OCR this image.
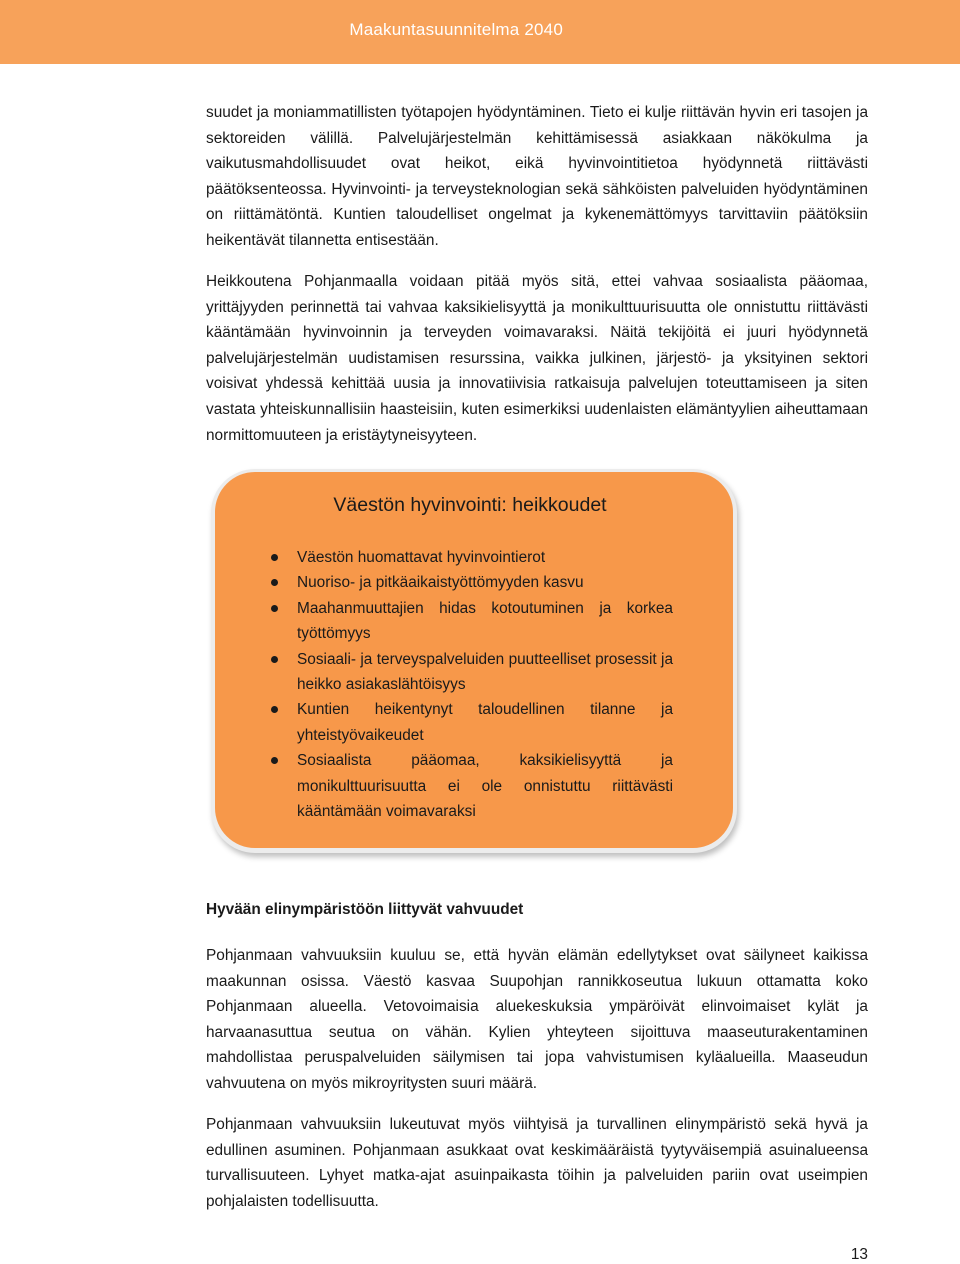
Maakuntasuunnitelma 2040

suudet ja moniammatillisten työtapojen hyödyntäminen. Tieto ei kulje riittävän hyvin eri tasojen ja sektoreiden välillä. Palvelujärjestelmän kehittämisessä asiakkaan näkökulma ja vaikutusmahdollisuudet ovat heikot, eikä hyvinvointitietoa hyödynnetä riittävästi päätöksenteossa. Hyvinvointi- ja terveysteknologian sekä sähköisten palveluiden hyödyntäminen on riittämätöntä. Kuntien taloudelliset ongelmat ja kykenemättömyys tarvittaviin päätöksiin heikentävät tilannetta entisestään.

Heikkoutena Pohjanmaalla voidaan pitää myös sitä, ettei vahvaa sosiaalista pääomaa, yrittäjyyden perinnettä tai vahvaa kaksikielisyyttä ja monikulttuurisuutta ole onnistuttu riittävästi kääntämään hyvinvoinnin ja terveyden voimavaraksi. Näitä tekijöitä ei juuri hyödynnetä palvelujärjestelmän uudistamisen resurssina, vaikka julkinen, järjestö- ja yksityinen sektori voisivat yhdessä kehittää uusia ja innovatiivisia ratkaisuja palvelujen toteuttamiseen ja siten vastata yhteiskunnallisiin haasteisiin, kuten esimerkiksi uudenlaisten elämäntyylien aiheuttamaan normittomuuteen ja eristäytyneisyyteen.

Väestön hyvinvointi: heikkoudet
Väestön huomattavat hyvinvointierot
Nuoriso- ja pitkäaikaistyöttömyyden kasvu
Maahanmuuttajien hidas kotoutuminen ja korkea työttömyys
Sosiaali- ja terveyspalveluiden puutteelliset prosessit ja heikko asiakaslähtöisyys
Kuntien heikentynyt taloudellinen tilanne ja yhteistyövaikeudet
Sosiaalista pääomaa, kaksikielisyyttä ja monikulttuurisuutta ei ole onnistuttu riittävästi kääntämään voimavaraksi
Hyvään elinympäristöön liittyvät vahvuudet

Pohjanmaan vahvuuksiin kuuluu se, että hyvän elämän edellytykset ovat säilyneet kaikissa maakunnan osissa. Väestö kasvaa Suupohjan rannikkoseutua lukuun ottamatta koko Pohjanmaan alueella. Vetovoimaisia aluekeskuksia ympäröivät elinvoimaiset kylät ja harvaanasuttua seutua on vähän. Kylien yhteyteen sijoittuva maaseuturakentaminen mahdollistaa peruspalveluiden säilymisen tai jopa vahvistumisen kyläalueilla. Maaseudun vahvuutena on myös mikroyritysten suuri määrä.

Pohjanmaan vahvuuksiin lukeutuvat myös viihtyisä ja turvallinen elinympäristö sekä hyvä ja edullinen asuminen. Pohjanmaan asukkaat ovat keskimääräistä tyytyväisempiä asuinalueensa turvallisuuteen. Lyhyet matka-ajat asuinpaikasta töihin ja palveluiden pariin ovat useimpien pohjalaisten todellisuutta.

13
